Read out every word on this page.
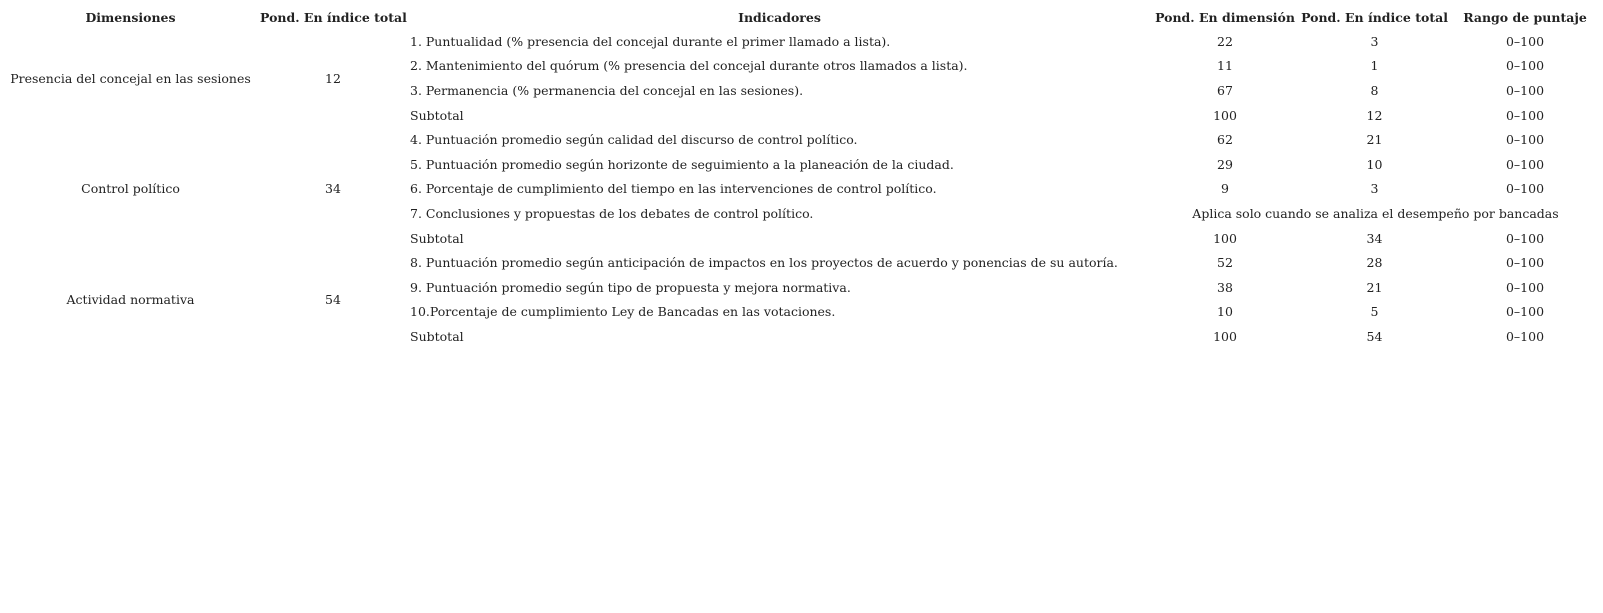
Dimensiones	Pond. En índice total	Indicadores	Pond. En dimensión	Pond. En índice total	Rango de puntaje
Presencia del concejal en las sesiones	12	1. Puntualidad (% presencia del concejal durante el primer llamado a lista).	22	3	0–100
		2. Mantenimiento del quórum (% presencia del concejal durante otros llamados a lista).	11	1	0–100
		3. Permanencia (% permanencia del concejal en las sesiones).	67	8	0–100
		Subtotal	100	12	0–100
Control político	34	4. Puntuación promedio según calidad del discurso de control político.	62	21	0–100
		5. Puntuación promedio según horizonte de seguimiento a la planeación de la ciudad.	29	10	0–100
		6. Porcentaje de cumplimiento del tiempo en las intervenciones de control político.	9	3	0–100
		7. Conclusiones y propuestas de los debates de control político.	Aplica solo cuando se analiza el desempeño por bancadas		
		Subtotal	100	34	0–100
Actividad normativa	54	8. Puntuación promedio según anticipación de impactos en los proyectos de acuerdo y ponencias de su autoría.	52	28	0–100
		9. Puntuación promedio según tipo de propuesta y mejora normativa.	38	21	0–100
		10.Porcentaje de cumplimiento Ley de Bancadas en las votaciones.	10	5	0–100
		Subtotal	100	54	0–100
